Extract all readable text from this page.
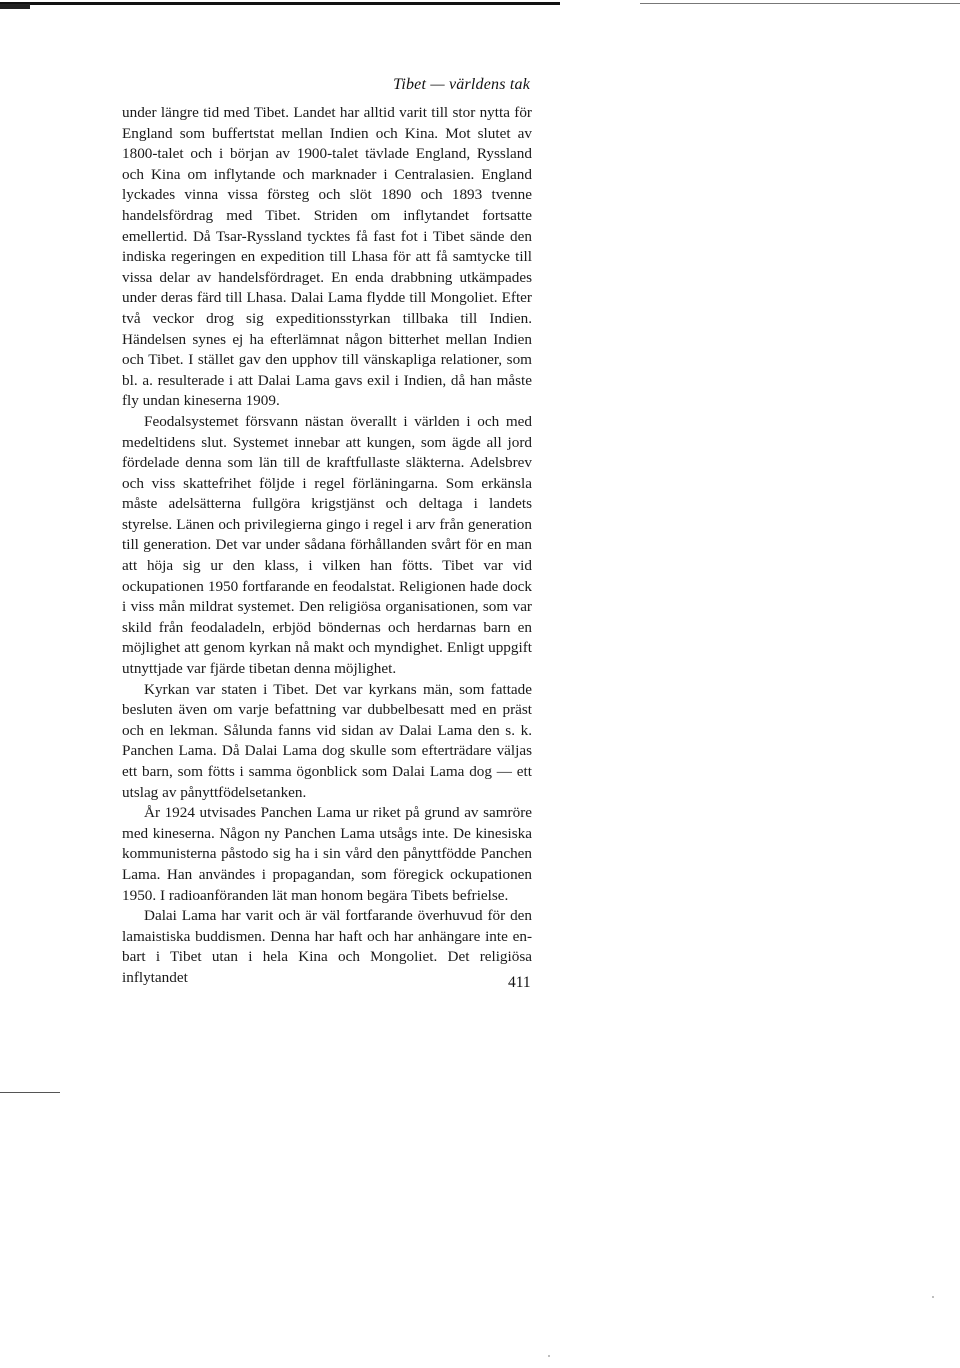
Tibet — världens tak

under längre tid med Tibet. Landet har alltid varit till stor nytta för England som buffertstat mellan Indien och Kina. Mot slutet av 1800-talet och i början av 1900-talet tävlade England, Ryssland och Kina om inflytande och marknader i Centralasien. England lyckades vinna vissa försteg och slöt 1890 och 1893 tvenne handelsfördrag med Tibet. Striden om inflytandet fortsatte emellertid. Då Tsar-Ryssland tycktes få fast fot i Tibet sände den indiska regeringen en expedition till Lhasa för att få samtycke till vissa delar av handelsfördraget. En enda drabbning utkämpades under deras färd till Lhasa. Dalai Lama flydde till Mongoliet. Efter två veckor drog sig expeditionsstyrkan tillbaka till Indien. Händelsen synes ej ha efterlämnat någon bitterhet mellan Indien och Tibet. I stället gav den upphov till vänskapliga relationer, som bl. a. resulterade i att Dalai Lama gavs exil i Indien, då han måste fly undan kineserna 1909.

Feodalsystemet försvann nästan överallt i världen i och med medeltidens slut. Systemet innebar att kungen, som ägde all jord fördelade denna som län till de kraftfullaste släkterna. Adelsbrev och viss skattefrihet följde i regel förläningarna. Som erkänsla måste adelsätterna fullgöra krigstjänst och deltaga i landets styrelse. Länen och privilegierna gingo i regel i arv från generation till generation. Det var under sådana förhållanden svårt för en man att höja sig ur den klass, i vilken han fötts. Tibet var vid ockupationen 1950 fortfarande en feodalstat. Religionen hade dock i viss mån mildrat systemet. Den religiösa organisationen, som var skild från feodaladeln, erbjöd böndernas och herdarnas barn en möjlighet att genom kyrkan nå makt och myndighet. Enligt uppgift utnyttjade var fjärde tibetan denna möjlighet.

Kyrkan var staten i Tibet. Det var kyrkans män, som fattade besluten även om varje befattning var dubbelbesatt med en präst och en lekman. Sålunda fanns vid sidan av Dalai Lama den s. k. Panchen Lama. Då Dalai Lama dog skulle som efterträdare väljas ett barn, som fötts i samma ögonblick som Dalai Lama dog — ett utslag av pånyttfödelsetanken.

År 1924 utvisades Panchen Lama ur riket på grund av samröre med kineserna. Någon ny Panchen Lama utsågs inte. De kinesiska kommunisterna påstodo sig ha i sin vård den pånyttfödde Panchen Lama. Han användes i propagandan, som föregick ockupationen 1950. I radioanföranden lät man honom begära Tibets befrielse.

Dalai Lama har varit och är väl fortfarande överhuvud för den lamaistiska buddismen. Denna har haft och har anhängare inte enbart i Tibet utan i hela Kina och Mongoliet. Det religiösa inflytandet	411
